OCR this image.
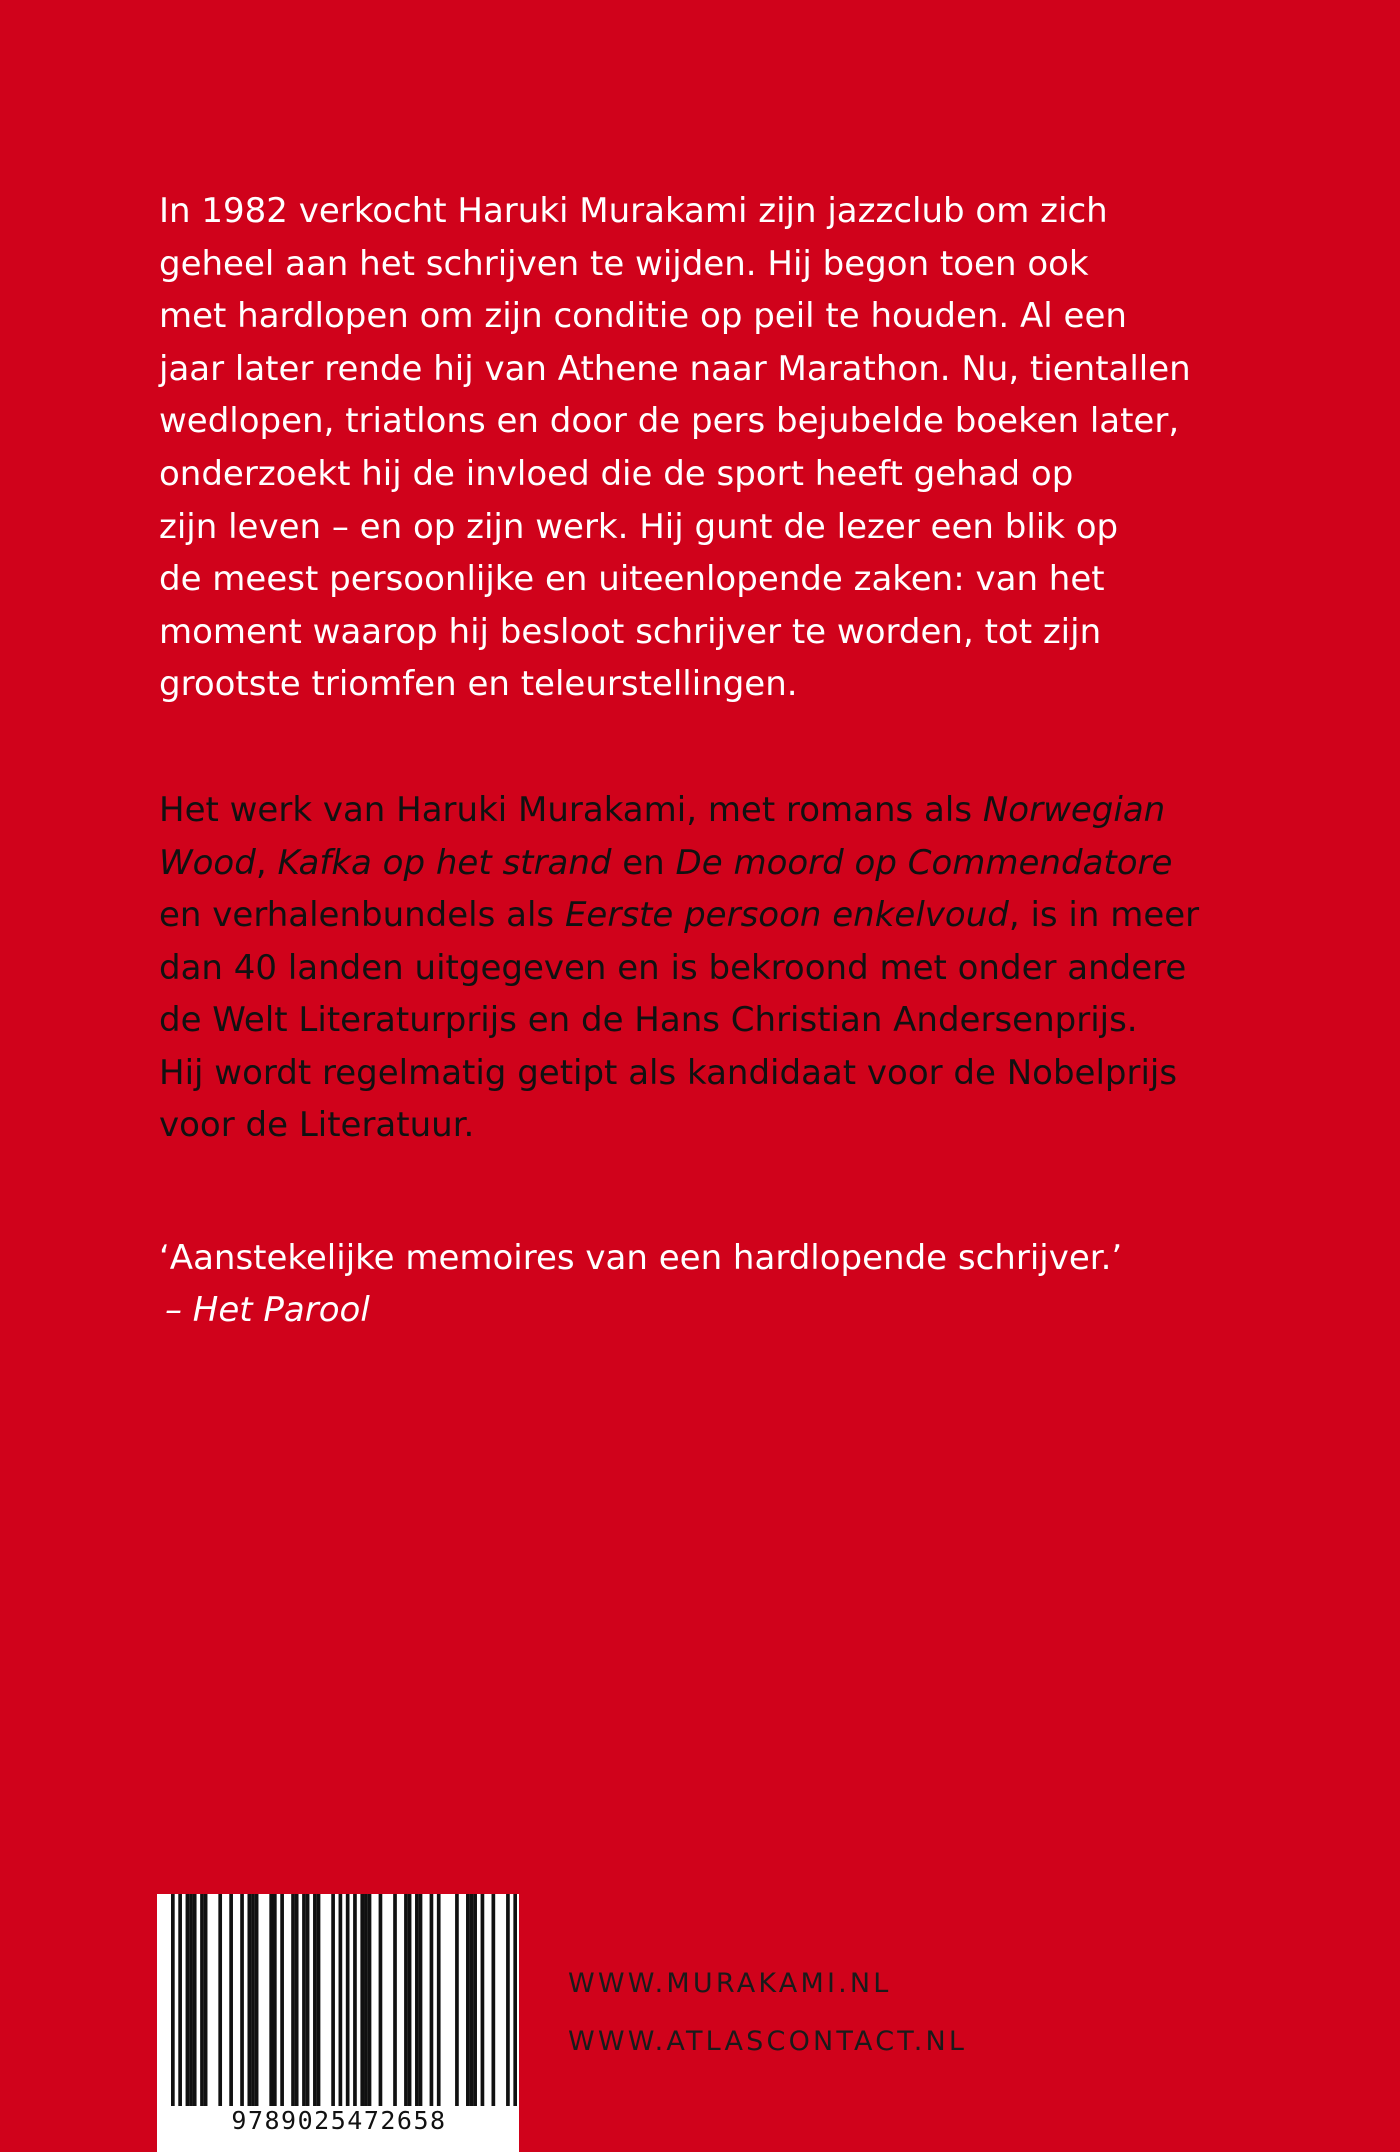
In 1982 verkocht Haruki Murakami zijn jazzclub om zich
geheel aan het schrijven te wijden. Hij begon toen ook
met hardlopen om zijn conditie op peil te houden. Al een
jaar later rende hij van Athene naar Marathon. Nu, tientallen
wedlopen, triatlons en door de pers bejubelde boeken later,
onderzoekt hij de invloed die de sport heeft gehad op
zijn leven – en op zijn werk. Hij gunt de lezer een blik op
de meest persoonlijke en uiteenlopende zaken: van het
moment waarop hij besloot schrijver te worden, tot zijn
grootste triomfen en teleurstellingen.
Het werk van Haruki Murakami, met romans als Norwegian
Wood, Kafka op het strand en De moord op Commendatore
en verhalenbundels als Eerste persoon enkelvoud, is in meer
dan 40 landen uitgegeven en is bekroond met onder andere
de Welt Literaturprijs en de Hans Christian Andersenprijs.
Hij wordt regelmatig getipt als kandidaat voor de Nobelprijs
voor de Literatuur.
‘Aanstekelijke memoires van een hardlopende schrijver.’
– Het Parool
9789025472658
WWW.MURAKAMI.NL
WWW.ATLASCONTACT.NL
